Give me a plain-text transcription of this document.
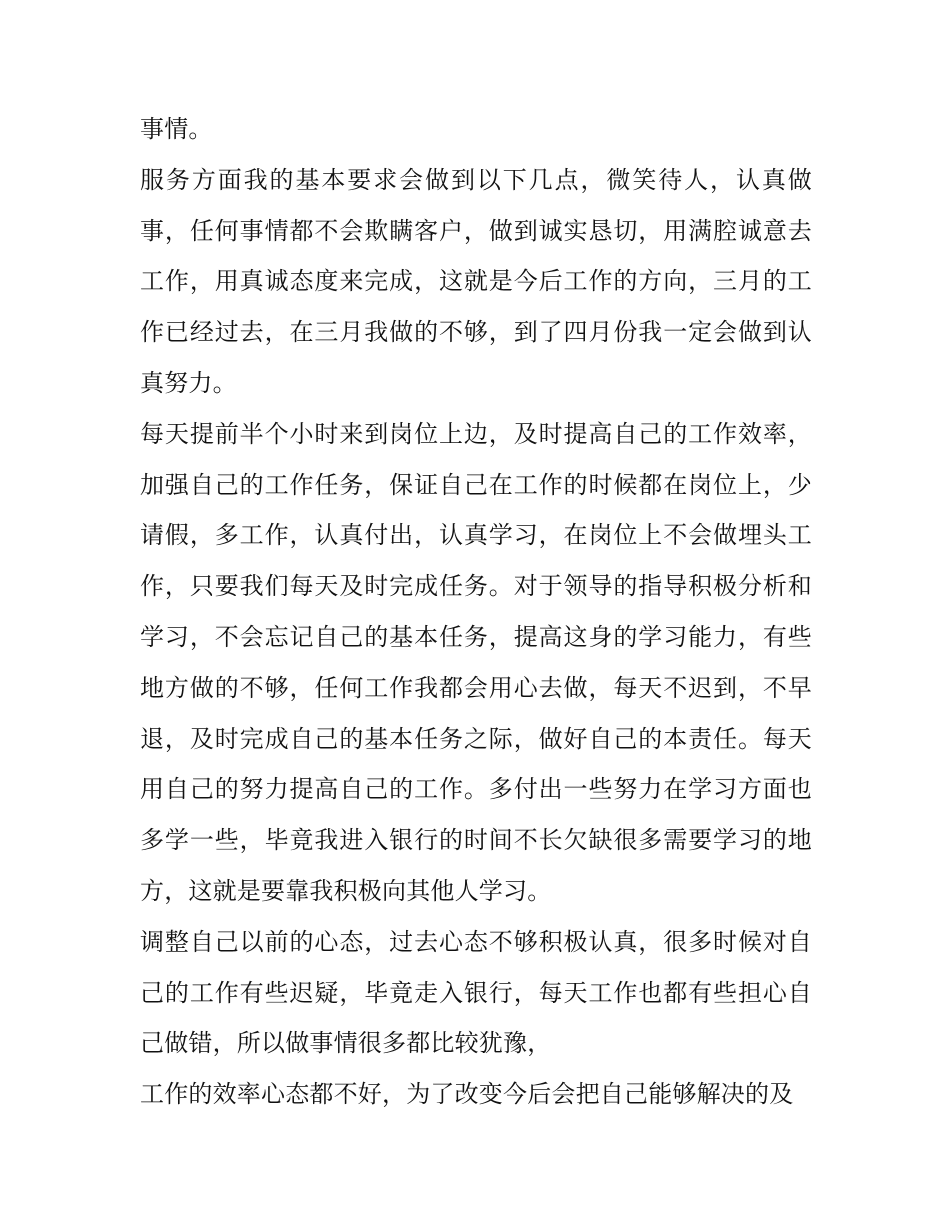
事情。

服务方面我的基本要求会做到以下几点，微笑待人，认真做事，任何事情都不会欺瞒客户，做到诚实恳切，用满腔诚意去工作，用真诚态度来完成，这就是今后工作的方向，三月的工作已经过去，在三月我做的不够，到了四月份我一定会做到认真努力。

每天提前半个小时来到岗位上边，及时提高自己的工作效率，加强自己的工作任务，保证自己在工作的时候都在岗位上，少请假，多工作，认真付出，认真学习，在岗位上不会做埋头工作，只要我们每天及时完成任务。对于领导的指导积极分析和学习，不会忘记自己的基本任务，提高这身的学习能力，有些地方做的不够，任何工作我都会用心去做，每天不迟到，不早退，及时完成自己的基本任务之际，做好自己的本责任。每天用自己的努力提高自己的工作。多付出一些努力在学习方面也多学一些，毕竟我进入银行的时间不长欠缺很多需要学习的地方，这就是要靠我积极向其他人学习。

调整自己以前的心态，过去心态不够积极认真，很多时候对自己的工作有些迟疑，毕竟走入银行，每天工作也都有些担心自己做错，所以做事情很多都比较犹豫，

工作的效率心态都不好，为了改变今后会把自己能够解决的及
